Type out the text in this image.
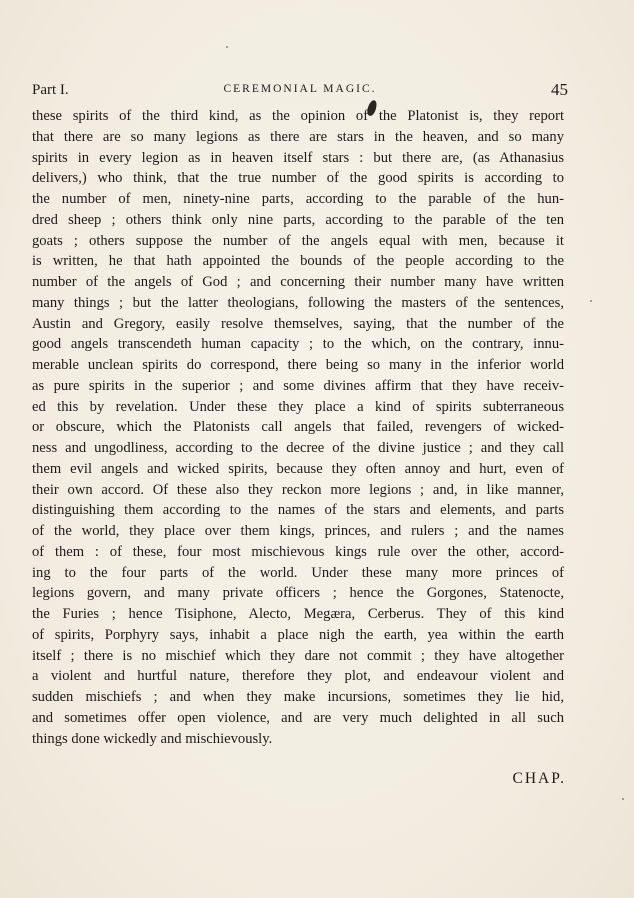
Part I.	CEREMONIAL MAGIC.	45
these spirits of the third kind, as the opinion of the Platonist is, they report
that there are so many legions as there are stars in the heaven, and so many
spirits in every legion as in heaven itself stars : but there are, (as Athanasius
delivers,) who think, that the true number of the good spirits is according to
the number of men, ninety-nine parts, according to the parable of the hun-
dred sheep ; others think only nine parts, according to the parable of the ten
goats ; others suppose the number of the angels equal with men, because it
is written, he that hath appointed the bounds of the people according to the
number of the angels of God ; and concerning their number many have written
many things ; but the latter theologians, following the masters of the sentences,
Austin and Gregory, easily resolve themselves, saying, that the number of the
good angels transcendeth human capacity ; to the which, on the contrary, innu-
merable unclean spirits do correspond, there being so many in the inferior world
as pure spirits in the superior ; and some divines affirm that they have receiv-
ed this by revelation. Under these they place a kind of spirits subterraneous
or obscure, which the Platonists call angels that failed, revengers of wicked-
ness and ungodliness, according to the decree of the divine justice ; and they call
them evil angels and wicked spirits, because they often annoy and hurt, even of
their own accord. Of these also they reckon more legions ; and, in like manner,
distinguishing them according to the names of the stars and elements, and parts
of the world, they place over them kings, princes, and rulers ; and the names
of them : of these, four most mischievous kings rule over the other, accord-
ing to the four parts of the world. Under these many more princes of
legions govern, and many private officers ; hence the Gorgones, Statenocte,
the Furies ; hence Tisiphone, Alecto, Megæra, Cerberus. They of this kind
of spirits, Porphyry says, inhabit a place nigh the earth, yea within the earth
itself ; there is no mischief which they dare not commit ; they have altogether
a violent and hurtful nature, therefore they plot, and endeavour violent and
sudden mischiefs ; and when they make incursions, sometimes they lie hid,
and sometimes offer open violence, and are very much delighted in all such
things done wickedly and mischievously.
CHAP.
